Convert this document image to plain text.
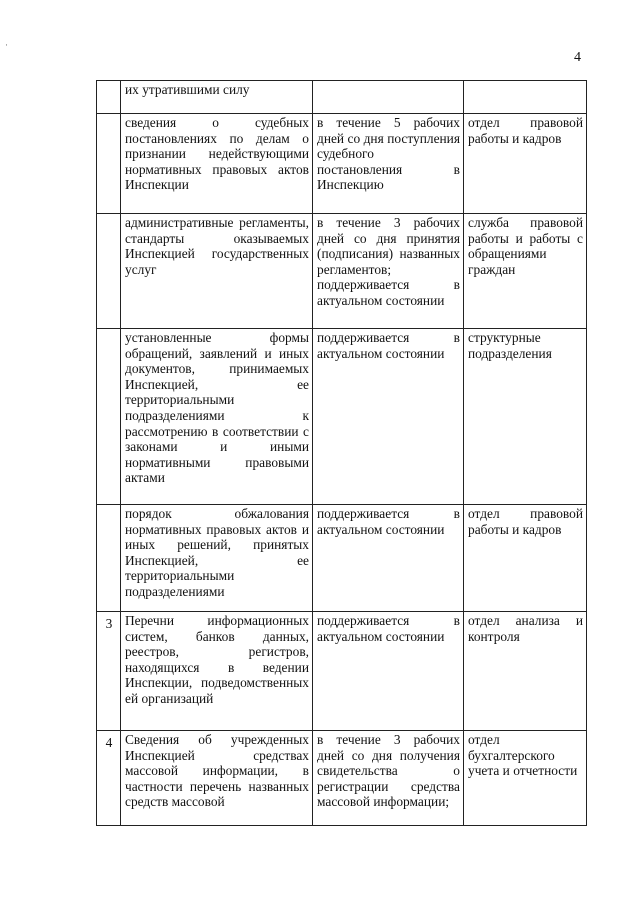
4
·
	их утратившими силу		
	сведения о судебных постановлениях по делам о признании недействующими нормативных правовых актов Инспекции	в течение 5 рабочих дней со дня поступления судебного постановления в Инспекцию	отдел правовой работы и кадров
	административные регламенты, стандарты оказываемых Инспекцией государственных услуг	в течение 3 рабочих дней со дня принятия (подписания) названных регламентов; поддерживается в актуальном состоянии	служба правовой работы и работы с обращениями граждан
	установленные формы обращений, заявлений и иных документов, принимаемых Инспекцией, ее территориальными подразделениями к рассмотрению в соответствии с законами и иными нормативными правовыми актами	поддерживается в актуальном состоянии	структурные подразделения
	порядок обжалования нормативных правовых актов и иных решений, принятых Инспекцией, ее территориальными подразделениями	поддерживается в актуальном состоянии	отдел правовой работы и кадров
3	Перечни информационных систем, банков данных, реестров, регистров, находящихся в ведении Инспекции, подведомственных ей организаций	поддерживается в актуальном состоянии	отдел анализа и контроля
4	Сведения об учрежденных Инспекцией средствах массовой информации, в частности перечень названных средств массовой	в течение 3 рабочих дней со дня получения свидетельства о регистрации средства массовой информации;	отдел бухгалтерского учета и отчетности
